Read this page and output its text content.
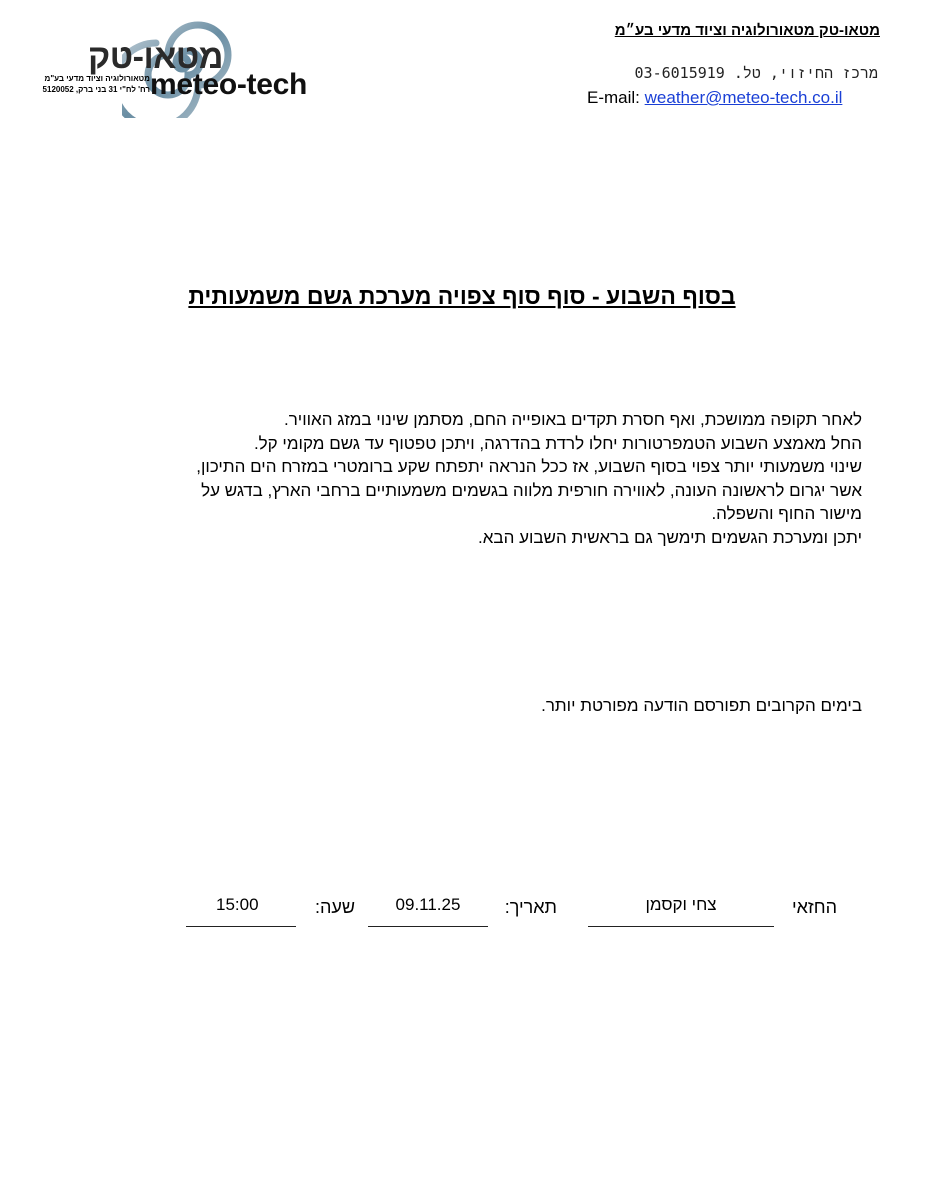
מטאו-טק
meteo-tech
מטאורולוגיה וציוד מדעי בע"מ
רח' לח"י 31 בני ברק, 5120052
מטאו-טק מטאורולוגיה וציוד מדעי בע״מ
מרכז החיזוי, טל. 03-6015919
E-mail: weather@meteo-tech.co.il
בסוף השבוע - סוף סוף צפויה מערכת גשם משמעותית
לאחר תקופה ממושכת, ואף חסרת תקדים באופייה החם, מסתמן שינוי במזג האוויר.
החל מאמצע השבוע הטמפרטורות יחלו לרדת בהדרגה, ויתכן טפטוף עד גשם מקומי קל.
שינוי משמעותי יותר צפוי בסוף השבוע, אז ככל הנראה יתפתח שקע ברומטרי במזרח הים התיכון,
אשר יגרום לראשונה העונה, לאווירה חורפית מלווה בגשמים משמעותיים ברחבי הארץ, בדגש על
מישור החוף והשפלה.
יתכן ומערכת הגשמים תימשך גם בראשית השבוע הבא.
בימים הקרובים תפורסם הודעה מפורטת יותר.
החזאי
צחי וקסמן
תאריך:
09.11.25
שעה:
15:00
